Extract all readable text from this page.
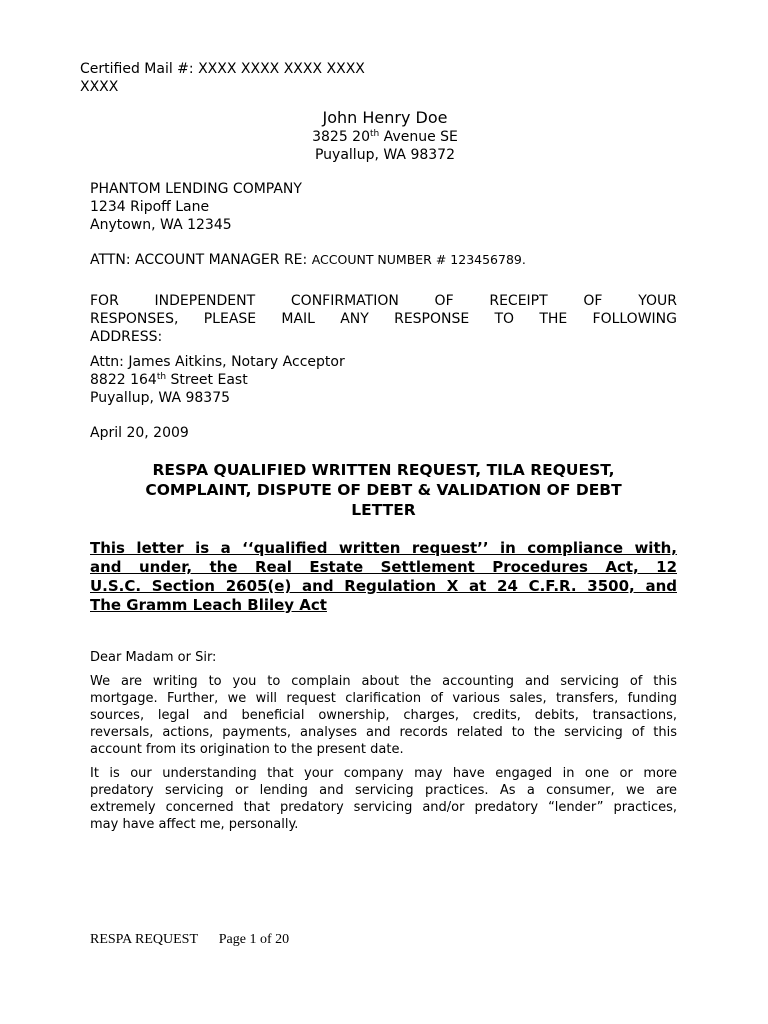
Certified Mail #: XXXX XXXX XXXX XXXX
XXXX
John Henry Doe
3825 20th Avenue SE
Puyallup, WA 98372
PHANTOM LENDING COMPANY
1234 Ripoff Lane
Anytown, WA 12345
ATTN: ACCOUNT MANAGER RE: ACCOUNT NUMBER # 123456789.
FOR INDEPENDENT CONFIRMATION OF RECEIPT OF YOUR
RESPONSES, PLEASE MAIL ANY RESPONSE TO THE FOLLOWING
ADDRESS:
Attn: James Aitkins, Notary Acceptor
8822 164th Street East
Puyallup, WA 98375
April 20, 2009
RESPA QUALIFIED WRITTEN REQUEST, TILA REQUEST,
COMPLAINT, DISPUTE OF DEBT & VALIDATION OF DEBT
LETTER
This letter is a ‘‘qualified written request’’ in compliance with,
and under, the Real Estate Settlement Procedures Act, 12
U.S.C. Section 2605(e) and Regulation X at 24 C.F.R. 3500, and
The Gramm Leach Bliley Act
Dear Madam or Sir:
We are writing to you to complain about the accounting and servicing of this
mortgage. Further, we will request clarification of various sales, transfers, funding
sources, legal and beneficial ownership, charges, credits, debits, transactions,
reversals, actions, payments, analyses and records related to the servicing of this
account from its origination to the present date.
It is our understanding that your company may have engaged in one or more
predatory servicing or lending and servicing practices. As a consumer, we are
extremely concerned that predatory servicing and/or predatory “lender” practices,
may have affect me, personally.
RESPA REQUEST Page 1 of 20
